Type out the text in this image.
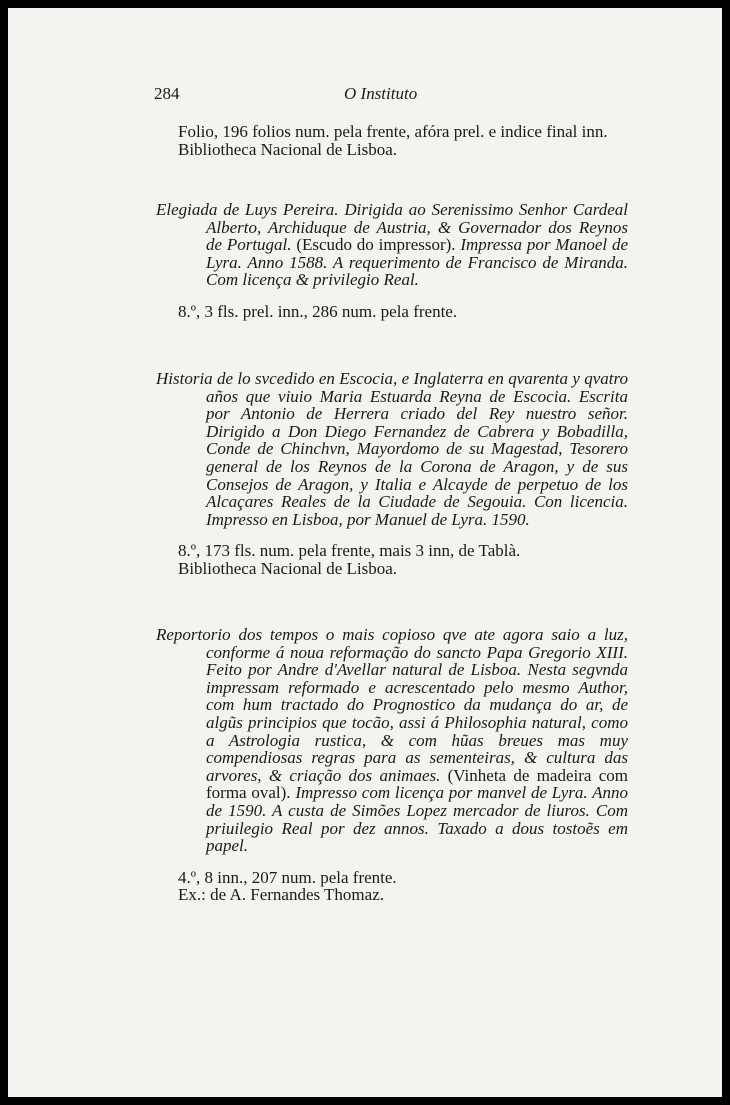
284	O Instituto
Folio, 196 folios num. pela frente, afóra prel. e indice final inn.
Bibliotheca Nacional de Lisboa.
Elegiada de Luys Pereira. Dirigida ao Serenissimo Senhor Cardeal Alberto, Archiduque de Austria, & Governador dos Reynos de Portugal. (Escudo do impressor). Impressa por Manoel de Lyra. Anno 1588. A requerimento de Francisco de Miranda. Com licença & privilegio Real.
8.º, 3 fls. prel. inn., 286 num. pela frente.
Historia de lo svcedido en Escocia, e Inglaterra en qvarenta y qvatro años que viuio Maria Estuarda Reyna de Escocia. Escrita por Antonio de Herrera criado del Rey nuestro señor. Dirigido a Don Diego Fernandez de Cabrera y Bobadilla, Conde de Chinchvn, Mayordomo de su Magestad, Tesorero general de los Reynos de la Corona de Aragon, y de sus Consejos de Aragon, y Italia e Alcayde de perpetuo de los Alcaçares Reales de la Ciudade de Segouia. Con licencia. Impresso en Lisboa, por Manuel de Lyra. 1590.
8.º, 173 fls. num. pela frente, mais 3 inn, de Tablà.
Bibliotheca Nacional de Lisboa.
Reportorio dos tempos o mais copioso qve ate agora saio a luz, conforme á noua reformação do sancto Papa Gregorio XIII. Feito por Andre d'Avellar natural de Lisboa. Nesta segvnda impressam reformado e acrescentado pelo mesmo Author, com hum tractado do Prognostico da mudança do ar, de algũs principios que tocão, assi á Philosophia natural, como a Astrologia rustica, & com hũas breues mas muy compendiosas regras para as sementeiras, & cultura das arvores, & criação dos animaes. (Vinheta de madeira com forma oval). Impresso com licença por manvel de Lyra. Anno de 1590. A custa de Simões Lopez mercador de liuros. Com priuilegio Real por dez annos. Taxado a dous tostoẽs em papel.
4.º, 8 inn., 207 num. pela frente.
Ex.: de A. Fernandes Thomaz.
